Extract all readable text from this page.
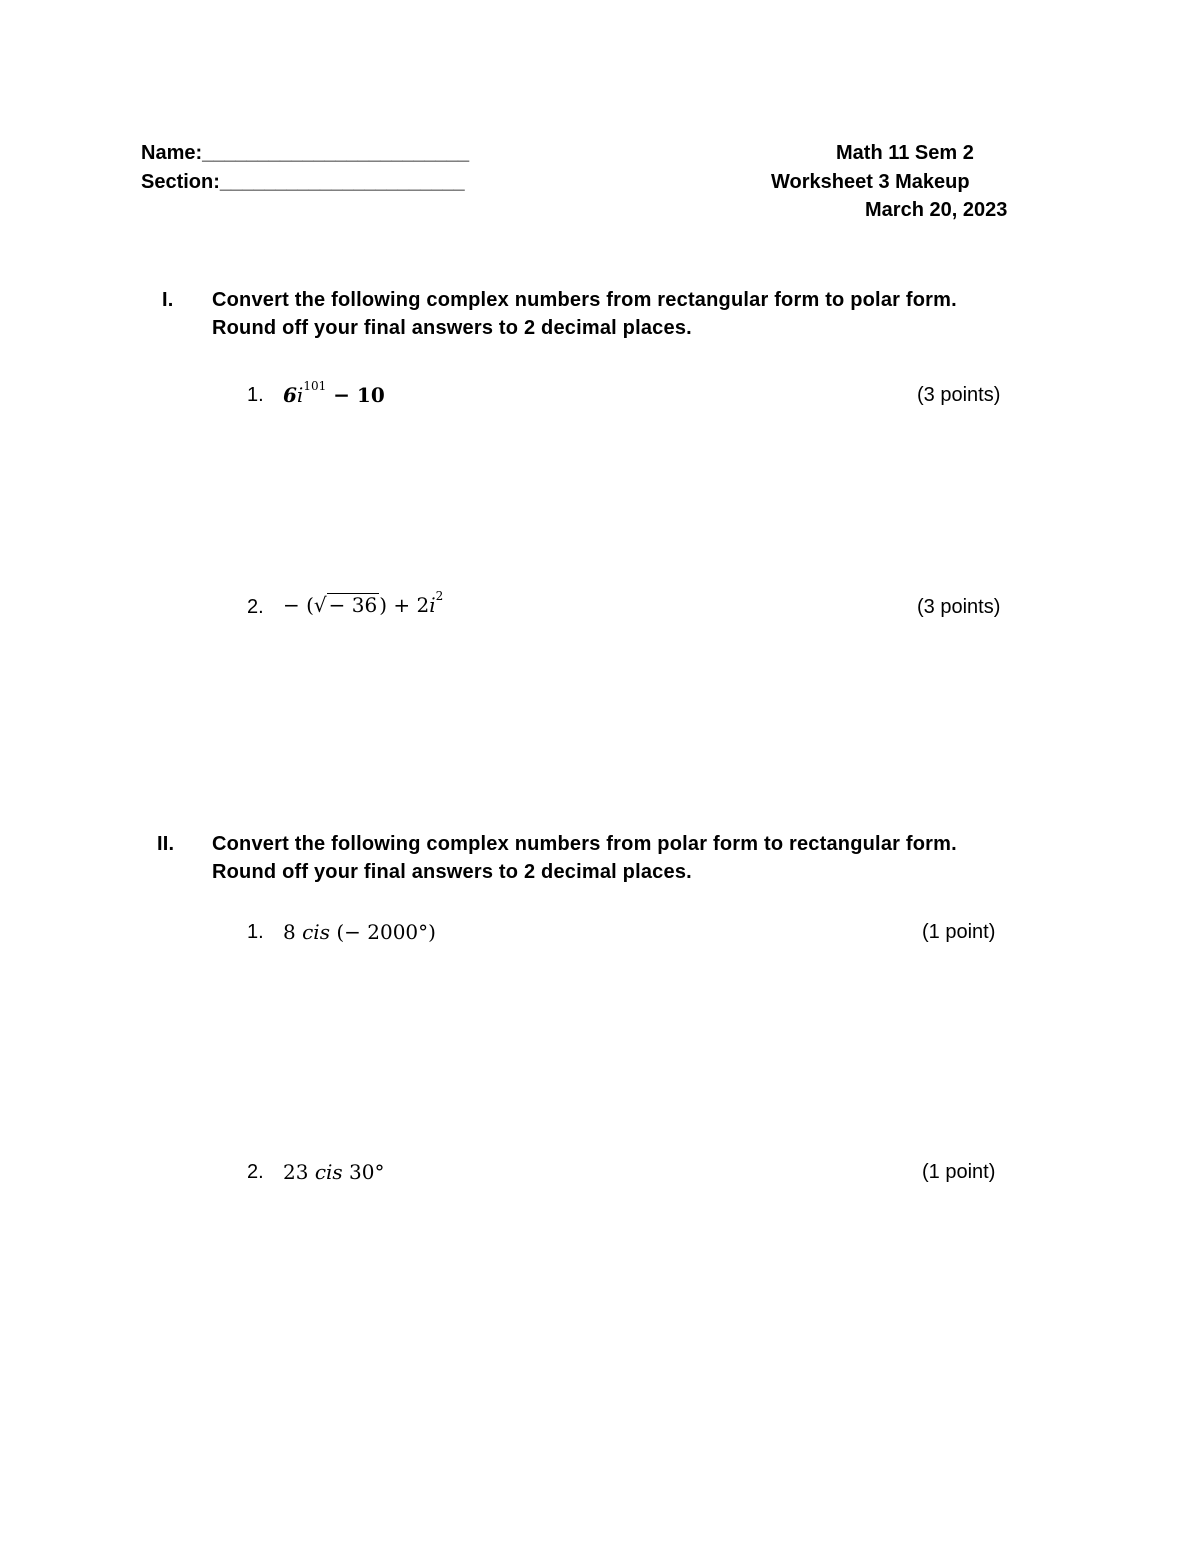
Name:________________________
Section:______________________
Math 11 Sem 2
Worksheet 3 Makeup
March 20, 2023
I. Convert the following complex numbers from rectangular form to polar form.
Round off your final answers to 2 decimal places.
1. $6i^{101} - 10$	(3 points)
2. − (√ − 36 ) + $2i^2$	(3 points)
II. Convert the following complex numbers from polar form to rectangular form.
Round off your final answers to 2 decimal places.
1. 8 cis (− 2000°)	(1 point)
2. 23 cis 30°	(1 point)
